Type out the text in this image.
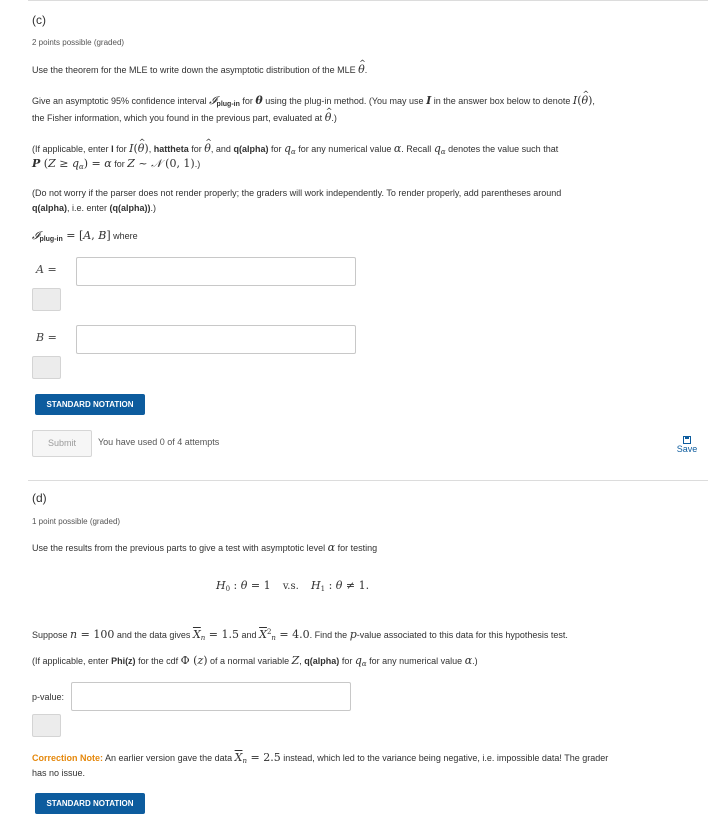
(c)
2 points possible (graded)
Use the theorem for the MLE to write down the asymptotic distribution of the MLE ^ θ.
Give an asymptotic 95% confidence interval 𝓘$_{plug-in}$ for θ using the plug-in method. (You may use I in the answer box below to denote I(^ θ),
the Fisher information, which you found in the previous part, evaluated at ^ θ.)
(If applicable, enter I for I(^ θ), hattheta for ^ θ, and q(alpha) for $q_\alpha$ for any numerical value α. Recall $q_\alpha$ denotes the value such that
P $(Z \ge q_\alpha) = \alpha$ for Z ~ 𝒩 (0, 1).)
(Do not worry if the parser does not render properly; the graders will work independently. To render properly, add parentheses around
q(alpha), i.e. enter (q(alpha)).)
𝓘$_{plug-in}$ = [A, B] where
A =
B =
STANDARD NOTATION
Submit	You have used 0 of 4 attempts
Save
(d)
1 point possible (graded)
Use the results from the previous parts to give a test with asymptotic level α for testing
$H_0$ : θ = 1 v.s. $H_1$ : θ ≠ 1.
Suppose n = 100 and the data gives $\overline{X}_n = 1.5$ and $\overline{X}^2_n = 4.0$. Find the p-value associated to this data for this hypothesis test.
(If applicable, enter Phi(z) for the cdf Φ (z) of a normal variable Z, q(alpha) for $q_\alpha$ for any numerical value α.)
p-value:
Correction Note: An earlier version gave the data $\overline{X}_n = 2.5$ instead, which led to the variance being negative, i.e. impossible data! The grader
has no issue.
STANDARD NOTATION
